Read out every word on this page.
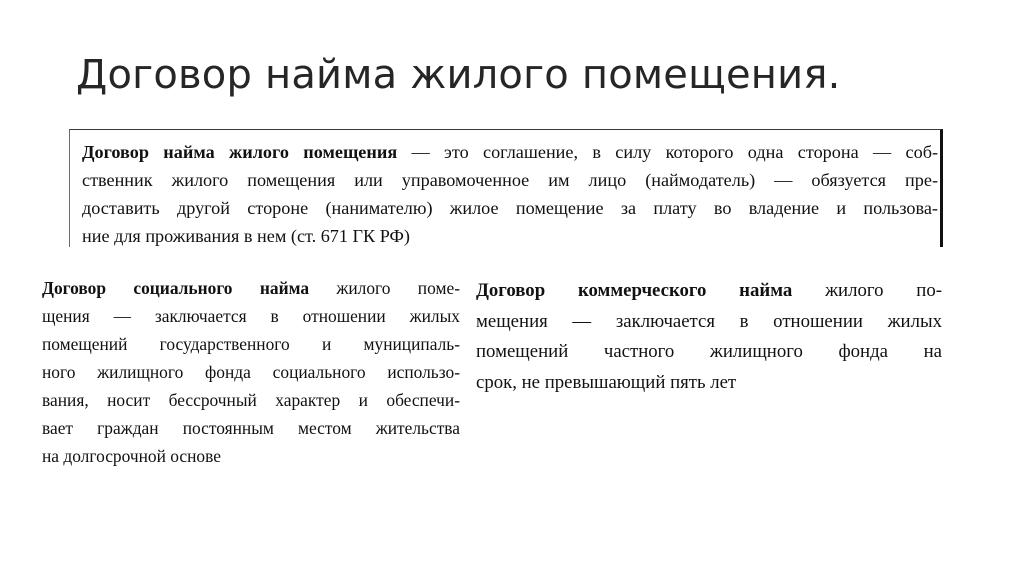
Договор найма жилого помещения.

Договор найма жилого помещения — это соглашение, в силу которого одна сторона — соб-
ственник жилого помещения или управомоченное им лицо (наймодатель) — обязуется пре-
доставить другой стороне (нанимателю) жилое помещение за плату во владение и пользова-
ние для проживания в нем (ст. 671 ГК РФ)

Договор социального найма жилого поме-
щения — заключается в отношении жилых
помещений государственного и муниципаль-
ного жилищного фонда социального использо-
вания, носит бессрочный характер и обеспечи-
вает граждан постоянным местом жительства
на долгосрочной основе

Договор коммерческого найма жилого по-
мещения — заключается в отношении жилых
помещений частного жилищного фонда на
срок, не превышающий пять лет
